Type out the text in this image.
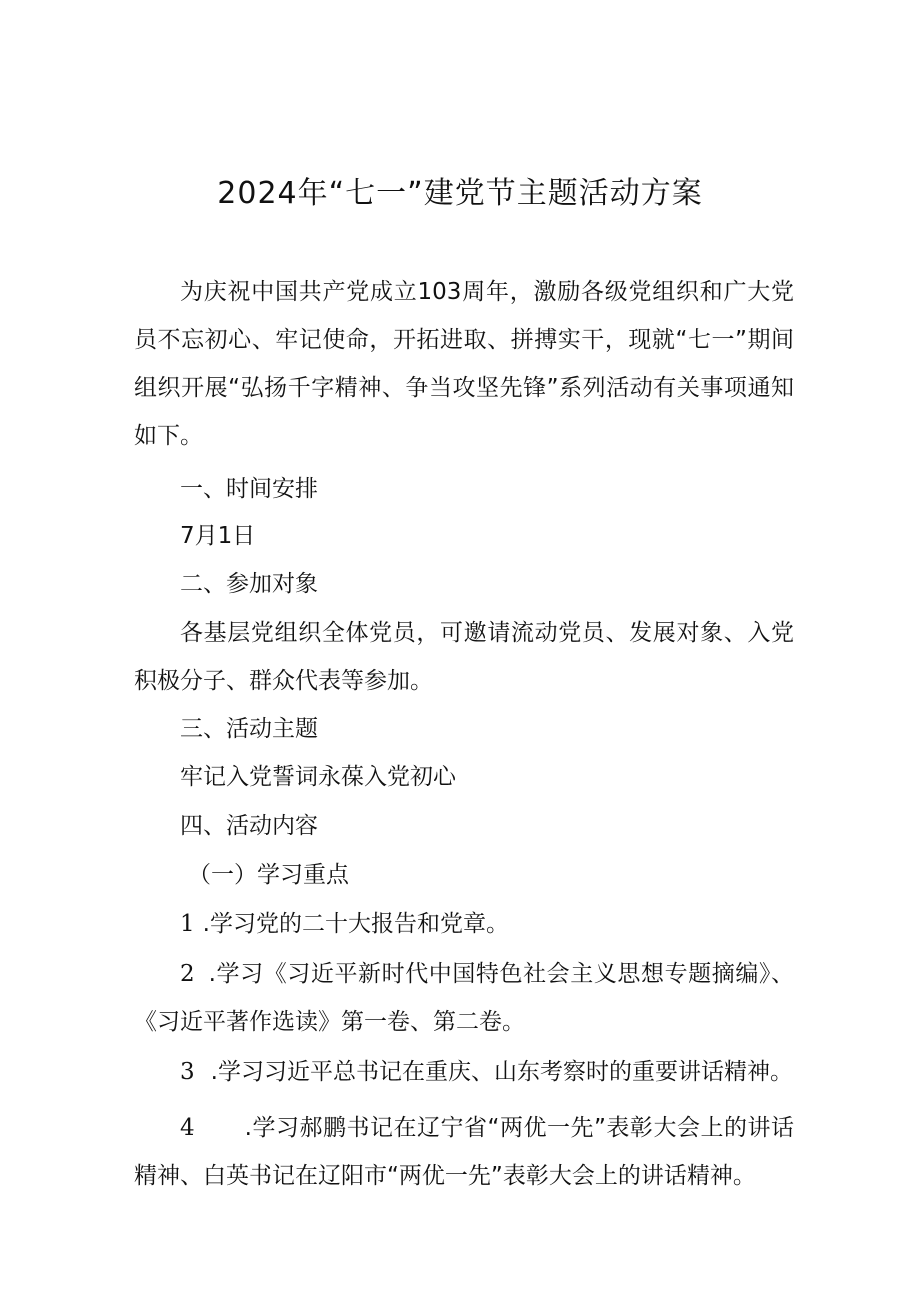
2024年“七一”建党节主题活动方案

为庆祝中国共产党成立103周年，激励各级党组织和广大党员不忘初心、牢记使命，开拓进取、拼搏实干，现就“七一”期间组织开展“弘扬千字精神、争当攻坚先锋”系列活动有关事项通知如下。

一、时间安排

7月1日

二、参加对象

各基层党组织全体党员，可邀请流动党员、发展对象、入党积极分子、群众代表等参加。

三、活动主题

牢记入党誓词永葆入党初心

四、活动内容

（一）学习重点

1 .学习党的二十大报告和党章。

2 .学习《习近平新时代中国特色社会主义思想专题摘编》、《习近平著作选读》第一卷、第二卷。

3 .学习习近平总书记在重庆、山东考察时的重要讲话精神。

4 .学习郝鹏书记在辽宁省“两优一先”表彰大会上的讲话精神、白英书记在辽阳市“两优一先”表彰大会上的讲话精神。
